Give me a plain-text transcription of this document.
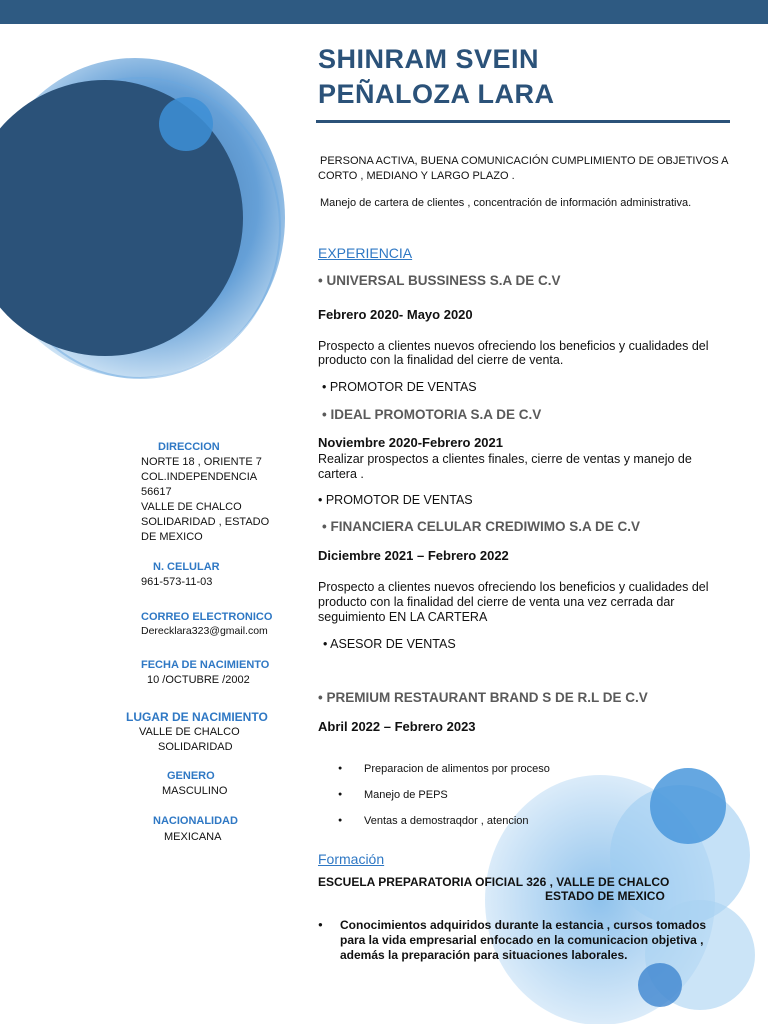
SHINRAM SVEIN
PEÑALOZA LARA

PERSONA ACTIVA, BUENA COMUNICACIÓN CUMPLIMIENTO DE OBJETIVOS A

CORTO , MEDIANO Y LARGO PLAZO .

Manejo de cartera de clientes , concentración de información administrativa.

EXPERIENCIA

• UNIVERSAL BUSSINESS S.A DE C.V

Febrero 2020- Mayo 2020

Prospecto a clientes nuevos ofreciendo los beneficios y cualidades del

producto con la finalidad del cierre de venta.

• PROMOTOR DE VENTAS

• IDEAL PROMOTORIA S.A DE C.V

Noviembre 2020-Febrero 2021

Realizar prospectos a clientes finales, cierre de ventas y manejo de

cartera .

• PROMOTOR DE VENTAS

• FINANCIERA CELULAR CREDIWIMO S.A DE C.V

Diciembre 2021 – Febrero 2022

Prospecto a clientes nuevos ofreciendo los beneficios y cualidades del

producto con la finalidad del cierre de venta una vez cerrada dar

seguimiento EN LA CARTERA

• ASESOR DE VENTAS

• PREMIUM RESTAURANT BRAND S DE R.L DE C.V

Abril 2022 – Febrero 2023

Preparacion de alimentos por proceso
Manejo de PEPS
Ventas a demostraqdor , atencion

Formación

ESCUELA PREPARATORIA OFICIAL 326 , VALLE DE CHALCO

ESTADO DE MEXICO

● Conocimientos adquiridos durante la estancia , cursos tomados

para la vida empresarial enfocado en la comunicacion objetiva ,

además la preparación para situaciones laborales.

DIRECCION

NORTE 18 , ORIENTE 7

COL.INDEPENDENCIA

56617

VALLE DE CHALCO

SOLIDARIDAD , ESTADO

DE MEXICO

N. CELULAR

961-573-11-03

CORREO ELECTRONICO

Derecklara323@gmail.com

FECHA DE NACIMIENTO

10 /OCTUBRE /2002

LUGAR DE NACIMIENTO

VALLE DE CHALCO

SOLIDARIDAD

GENERO

MASCULINO

NACIONALIDAD

MEXICANA
